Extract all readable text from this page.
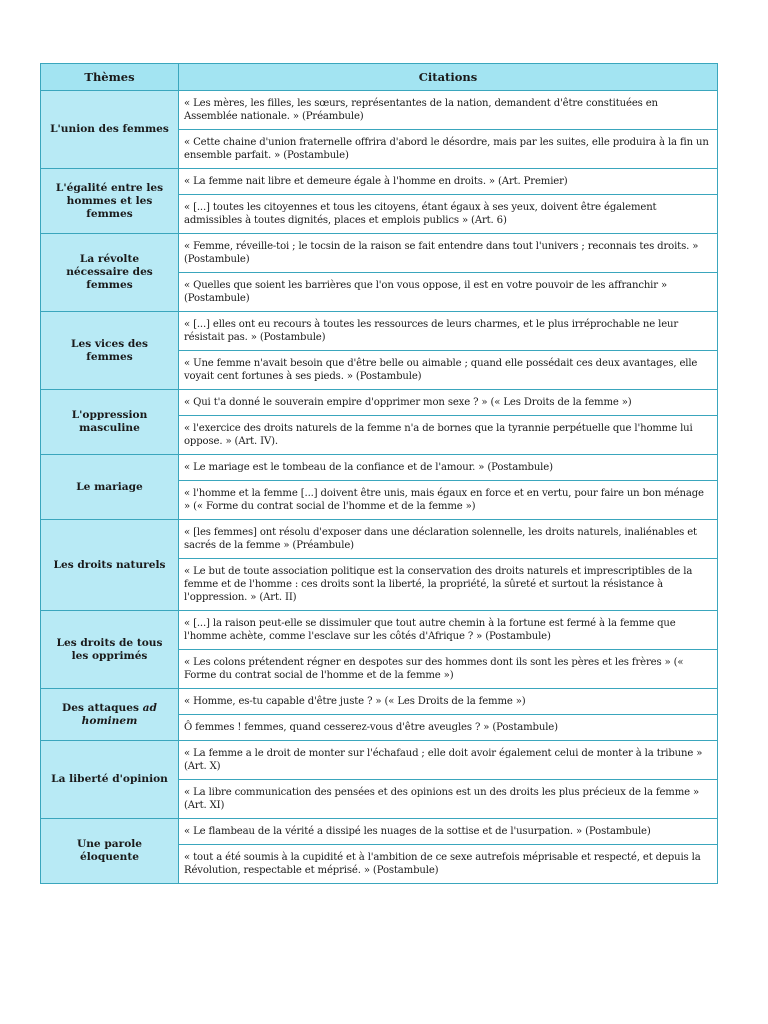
Thèmes	Citations
L'union des femmes	« Les mères, les filles, les sœurs, représentantes de la nation, demandent d'être constituées en Assemblée nationale. » (Préambule)
	« Cette chaine d'union fraternelle offrira d'abord le désordre, mais par les suites, elle produira à la fin un ensemble parfait. » (Postambule)
L'égalité entre les hommes et les femmes	« La femme nait libre et demeure égale à l'homme en droits. » (Art. Premier)
	« [...] toutes les citoyennes et tous les citoyens, étant égaux à ses yeux, doivent être également admissibles à toutes dignités, places et emplois publics » (Art. 6)
La révolte nécessaire des femmes	« Femme, réveille-toi ; le tocsin de la raison se fait entendre dans tout l'univers ; reconnais tes droits. » (Postambule)
	« Quelles que soient les barrières que l'on vous oppose, il est en votre pouvoir de les affranchir » (Postambule)
Les vices des femmes	« [...] elles ont eu recours à toutes les ressources de leurs charmes, et le plus irréprochable ne leur résistait pas. » (Postambule)
	« Une femme n'avait besoin que d'être belle ou aimable ; quand elle possédait ces deux avantages, elle voyait cent fortunes à ses pieds. » (Postambule)
L'oppression masculine	« Qui t'a donné le souverain empire d'opprimer mon sexe ? » (« Les Droits de la femme »)
	« l'exercice des droits naturels de la femme n'a de bornes que la tyrannie perpétuelle que l'homme lui oppose. » (Art. IV).
Le mariage	« Le mariage est le tombeau de la confiance et de l'amour. » (Postambule)
	« l'homme et la femme [...] doivent être unis, mais égaux en force et en vertu, pour faire un bon ménage » (« Forme du contrat social de l'homme et de la femme »)
Les droits naturels	« [les femmes] ont résolu d'exposer dans une déclaration solennelle, les droits naturels, inaliénables et sacrés de la femme » (Préambule)
	« Le but de toute association politique est la conservation des droits naturels et imprescriptibles de la femme et de l'homme : ces droits sont la liberté, la propriété, la sûreté et surtout la résistance à l'oppression. » (Art. II)
Les droits de tous les opprimés	« [...] la raison peut-elle se dissimuler que tout autre chemin à la fortune est fermé à la femme que l'homme achète, comme l'esclave sur les côtés d'Afrique ? » (Postambule)
	« Les colons prétendent régner en despotes sur des hommes dont ils sont les pères et les frères » (« Forme du contrat social de l'homme et de la femme »)
Des attaques ad hominem	« Homme, es-tu capable d'être juste ? » (« Les Droits de la femme »)
	Ô femmes ! femmes, quand cesserez-vous d'être aveugles ? » (Postambule)
La liberté d'opinion	« La femme a le droit de monter sur l'échafaud ; elle doit avoir également celui de monter à la tribune » (Art. X)
	« La libre communication des pensées et des opinions est un des droits les plus précieux de la femme » (Art. XI)
Une parole éloquente	« Le flambeau de la vérité a dissipé les nuages de la sottise et de l'usurpation. » (Postambule)
	« tout a été soumis à la cupidité et à l'ambition de ce sexe autrefois méprisable et respecté, et depuis la Révolution, respectable et méprisé. » (Postambule)
